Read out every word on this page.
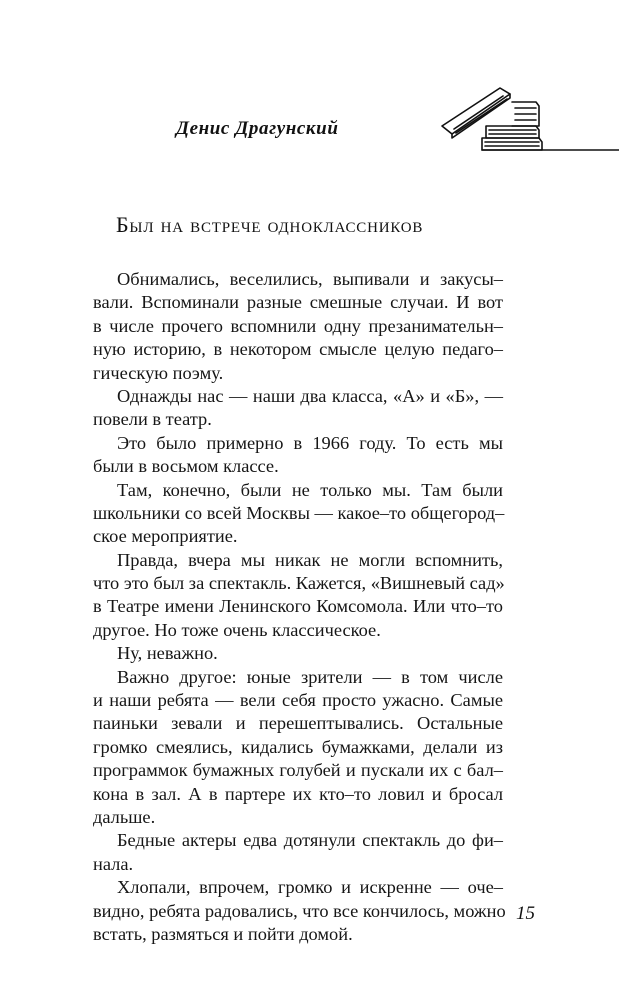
Денис Драгунский
Был на встрече одноклассников

Обнимались, веселились, выпивали и закусы–
вали. Вспоминали разные смешные случаи. И вот
в числе прочего вспомнили одну презанимательн–
ную историю, в некотором смысле целую педаго–
гическую поэму.

Однажды нас — наши два класса, «А» и «Б», —
повели в театр.

Это было примерно в 1966 году. То есть мы
были в восьмом классе.

Там, конечно, были не только мы. Там были
школьники со всей Москвы — какое–то общегород–
ское мероприятие.

Правда, вчера мы никак не могли вспомнить,
что это был за спектакль. Кажется, «Вишневый сад»
в Театре имени Ленинского Комсомола. Или что–то
другое. Но тоже очень классическое.

Ну, неважно.

Важно другое: юные зрители — в том числе
и наши ребята — вели себя просто ужасно. Самые
паиньки зевали и перешептывались. Остальные
громко смеялись, кидались бумажками, делали из
программок бумажных голубей и пускали их с бал–
кона в зал. А в партере их кто–то ловил и бросал
дальше.

Бедные актеры едва дотянули спектакль до фи–
нала.

Хлопали, впрочем, громко и искренне — оче–
видно, ребята радовались, что все кончилось, можно
встать, размяться и пойти домой.

15
